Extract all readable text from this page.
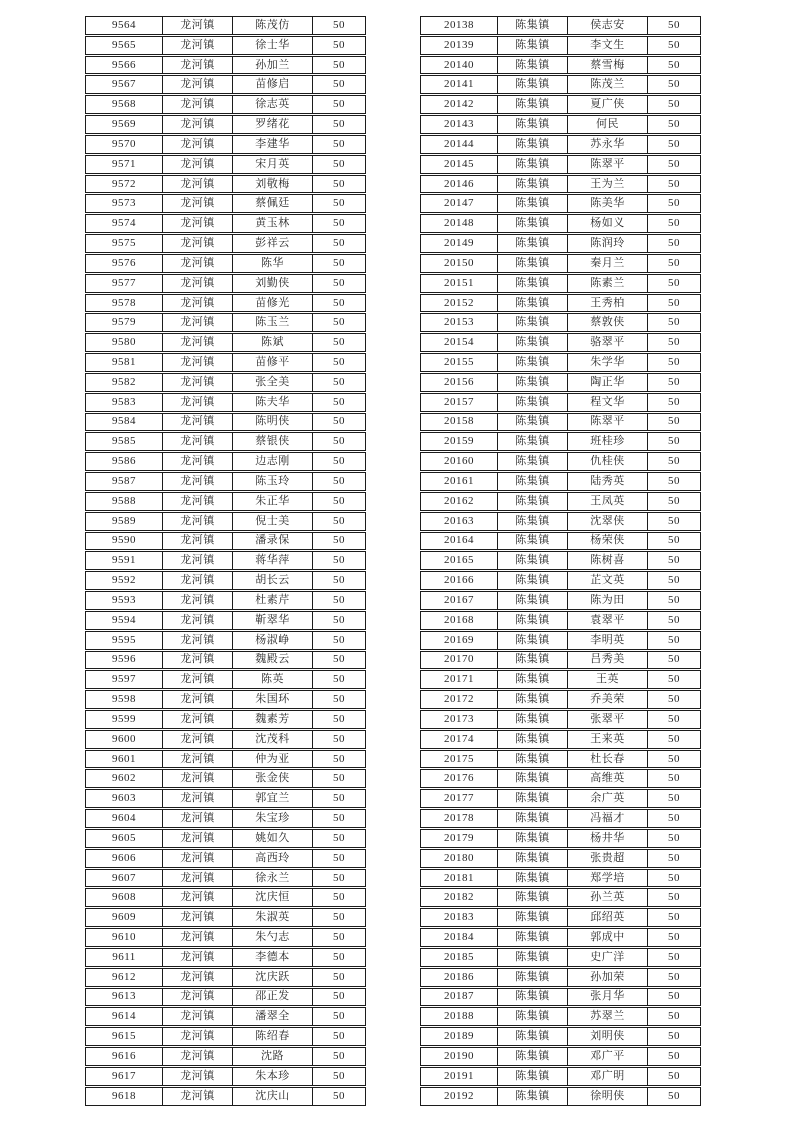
9564	龙河镇	陈茂仿	50
9565	龙河镇	徐士华	50
9566	龙河镇	孙加兰	50
9567	龙河镇	苗修启	50
9568	龙河镇	徐志英	50
9569	龙河镇	罗绪花	50
9570	龙河镇	李建华	50
9571	龙河镇	宋月英	50
9572	龙河镇	刘敬梅	50
9573	龙河镇	蔡佩廷	50
9574	龙河镇	黄玉林	50
9575	龙河镇	彭祥云	50
9576	龙河镇	陈华	50
9577	龙河镇	刘勤侠	50
9578	龙河镇	苗修光	50
9579	龙河镇	陈玉兰	50
9580	龙河镇	陈斌	50
9581	龙河镇	苗修平	50
9582	龙河镇	张全美	50
9583	龙河镇	陈夫华	50
9584	龙河镇	陈明侠	50
9585	龙河镇	蔡银侠	50
9586	龙河镇	边志刚	50
9587	龙河镇	陈玉玲	50
9588	龙河镇	朱正华	50
9589	龙河镇	倪士美	50
9590	龙河镇	潘录保	50
9591	龙河镇	蒋华萍	50
9592	龙河镇	胡长云	50
9593	龙河镇	杜素芹	50
9594	龙河镇	靳翠华	50
9595	龙河镇	杨淑峥	50
9596	龙河镇	魏殿云	50
9597	龙河镇	陈英	50
9598	龙河镇	朱国环	50
9599	龙河镇	魏素芳	50
9600	龙河镇	沈茂科	50
9601	龙河镇	仲为亚	50
9602	龙河镇	张金侠	50
9603	龙河镇	郭宜兰	50
9604	龙河镇	朱宝珍	50
9605	龙河镇	姚如久	50
9606	龙河镇	高西玲	50
9607	龙河镇	徐永兰	50
9608	龙河镇	沈庆恒	50
9609	龙河镇	朱淑英	50
9610	龙河镇	朱勺志	50
9611	龙河镇	李德本	50
9612	龙河镇	沈庆跃	50
9613	龙河镇	邵正发	50
9614	龙河镇	潘翠全	50
9615	龙河镇	陈绍春	50
9616	龙河镇	沈路	50
9617	龙河镇	朱本珍	50
9618	龙河镇	沈庆山	50
20138	陈集镇	侯志安	50
20139	陈集镇	李文生	50
20140	陈集镇	蔡雪梅	50
20141	陈集镇	陈茂兰	50
20142	陈集镇	夏广侠	50
20143	陈集镇	何民	50
20144	陈集镇	苏永华	50
20145	陈集镇	陈翠平	50
20146	陈集镇	王为兰	50
20147	陈集镇	陈美华	50
20148	陈集镇	杨如义	50
20149	陈集镇	陈润玲	50
20150	陈集镇	秦月兰	50
20151	陈集镇	陈素兰	50
20152	陈集镇	王秀柏	50
20153	陈集镇	蔡敦侠	50
20154	陈集镇	骆翠平	50
20155	陈集镇	朱学华	50
20156	陈集镇	陶正华	50
20157	陈集镇	程文华	50
20158	陈集镇	陈翠平	50
20159	陈集镇	班桂珍	50
20160	陈集镇	仇桂侠	50
20161	陈集镇	陆秀英	50
20162	陈集镇	王凤英	50
20163	陈集镇	沈翠侠	50
20164	陈集镇	杨荣侠	50
20165	陈集镇	陈树喜	50
20166	陈集镇	芷文英	50
20167	陈集镇	陈为田	50
20168	陈集镇	袁翠平	50
20169	陈集镇	李明英	50
20170	陈集镇	吕秀美	50
20171	陈集镇	王英	50
20172	陈集镇	乔美荣	50
20173	陈集镇	张翠平	50
20174	陈集镇	王来英	50
20175	陈集镇	杜长春	50
20176	陈集镇	高维英	50
20177	陈集镇	余广英	50
20178	陈集镇	冯福才	50
20179	陈集镇	杨井华	50
20180	陈集镇	张贵超	50
20181	陈集镇	郑学培	50
20182	陈集镇	孙兰英	50
20183	陈集镇	邱绍英	50
20184	陈集镇	郭成中	50
20185	陈集镇	史广洋	50
20186	陈集镇	孙加荣	50
20187	陈集镇	张月华	50
20188	陈集镇	苏翠兰	50
20189	陈集镇	刘明侠	50
20190	陈集镇	邓广平	50
20191	陈集镇	邓广明	50
20192	陈集镇	徐明侠	50
